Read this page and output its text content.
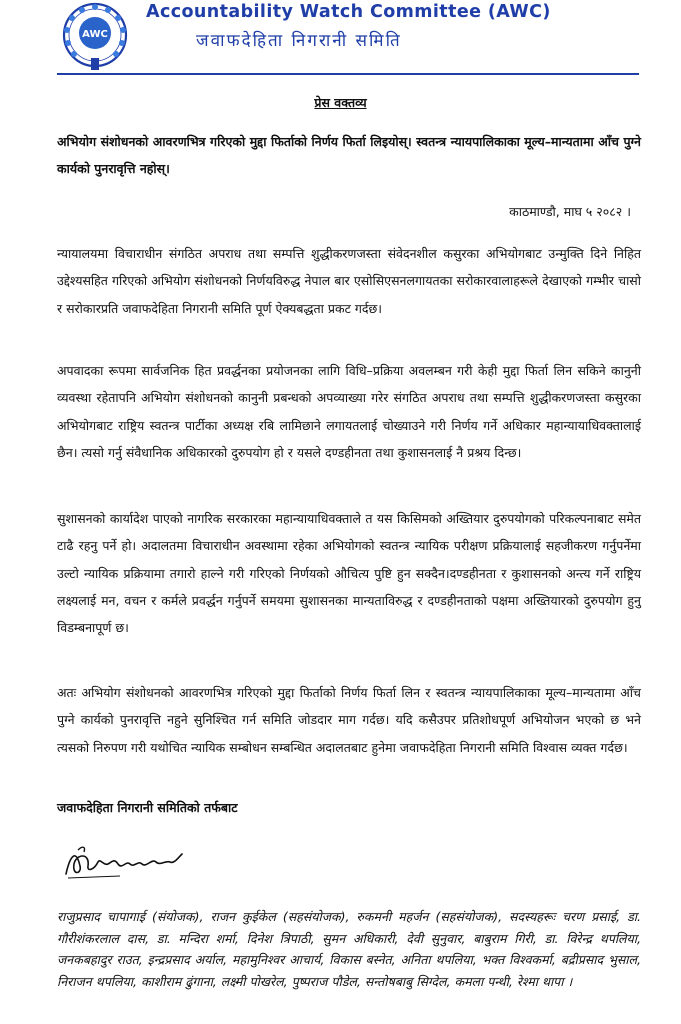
AWC
Accountability Watch Committee (AWC)
जवाफदेहिता निगरानी समिति
प्रेस वक्तव्य
अभियोग संशोधनको आवरणभित्र गरिएको मुद्दा फिर्ताको निर्णय फिर्ता लिइयोस्‌। स्वतन्त्र न्यायपालिकाका मूल्य–मान्यतामा आँच पुग्ने कार्यको पुनरावृत्ति नहोस्‌।
काठमाण्डौ, माघ ५ २०८२ ।

न्यायालयमा विचाराधीन संगठित अपराध तथा सम्पत्ति शुद्धीकरणजस्ता संवेदनशील कसुरका अभियोगबाट उन्मुक्ति दिने निहित उद्देश्यसहित गरिएको अभियोग संशोधनको निर्णयविरुद्ध नेपाल बार एसोसिएसनलगायतका सरोकारवालाहरूले देखाएको गम्भीर चासो र सरोकारप्रति जवाफदेहिता निगरानी समिति पूर्ण ऐक्यबद्धता प्रकट गर्दछ।

अपवादका रूपमा सार्वजनिक हित प्रवर्द्धनका प्रयोजनका लागि विधि–प्रक्रिया अवलम्बन गरी केही मुद्दा फिर्ता लिन सकिने कानुनी व्यवस्था रहेतापनि अभियोग संशोधनको कानुनी प्रबन्धको अपव्याख्या गरेर संगठित अपराध तथा सम्पत्ति शुद्धीकरणजस्ता कसुरका अभियोगबाट राष्ट्रिय स्वतन्त्र पार्टीका अध्यक्ष रबि लामिछाने लगायतलाई चोख्याउने गरी निर्णय गर्ने अधिकार महान्यायाधिवक्तालाई छैन। त्यसो गर्नु संवैधानिक अधिकारको दुरुपयोग हो र यसले दण्डहीनता तथा कुशासनलाई नै प्रश्रय दिन्छ।

सुशासनको कार्यादेश पाएको नागरिक सरकारका महान्यायाधिवक्ताले त यस किसिमको अख्तियार दुरुपयोगको परिकल्पनाबाट समेत टाढै रहनु पर्ने हो। अदालतमा विचाराधीन अवस्थामा रहेका अभियोगको स्वतन्त्र न्यायिक परीक्षण प्रक्रियालाई सहजीकरण गर्नुपर्नेमा उल्टो न्यायिक प्रक्रियामा तगारो हाल्ने गरी गरिएको निर्णयको औचित्य पुष्टि हुन सक्दैन।दण्डहीनता र कुशासनको अन्त्य गर्ने राष्ट्रिय लक्ष्यलाई मन, वचन र कर्मले प्रवर्द्धन गर्नुपर्ने समयमा सुशासनका मान्यताविरुद्ध र दण्डहीनताको पक्षमा अख्तियारको दुरुपयोग हुनु विडम्बनापूर्ण छ।

अतः अभियोग संशोधनको आवरणभित्र गरिएको मुद्दा फिर्ताको निर्णय फिर्ता लिन र स्वतन्त्र न्यायपालिकाका मूल्य–मान्यतामा आँच पुग्ने कार्यको पुनरावृत्ति नहुने सुनिश्चित गर्न समिति जोडदार माग गर्दछ। यदि कसैउपर प्रतिशोधपूर्ण अभियोजन भएको छ भने त्यसको निरुपण गरी यथोचित न्यायिक सम्बोधन सम्बन्धित अदालतबाट हुनेमा जवाफदेहिता निगरानी समिति विश्वास व्यक्त गर्दछ।

जवाफदेहिता निगरानी समितिको तर्फबाट

राजुप्रसाद चापागाई (संयोजक), राजन कुईकेल (सहसंयोजक), रुकमनी महर्जन (सहसंयोजक), सदस्यहरूः चरण प्रसाई, डा. गौरीशंकरलाल दास, डा. मन्दिरा शर्मा, दिनेश त्रिपाठी, सुमन अधिकारी, देवी सुनुवार, बाबुराम गिरी, डा. विरेन्द्र थपलिया, जनकबहादुर राउत, इन्द्रप्रसाद अर्याल, महामुनिश्वर आचार्य, विकास बस्नेत, अनिता थपलिया, भक्त विश्वकर्मा, बद्रीप्रसाद भुसाल, निराजन थपलिया, काशीराम ढुंगाना, लक्ष्मी पोखरेल, पुष्पराज पौडेल, सन्तोषबाबु सिग्देल, कमला पन्थी, रेश्मा थापा ।
